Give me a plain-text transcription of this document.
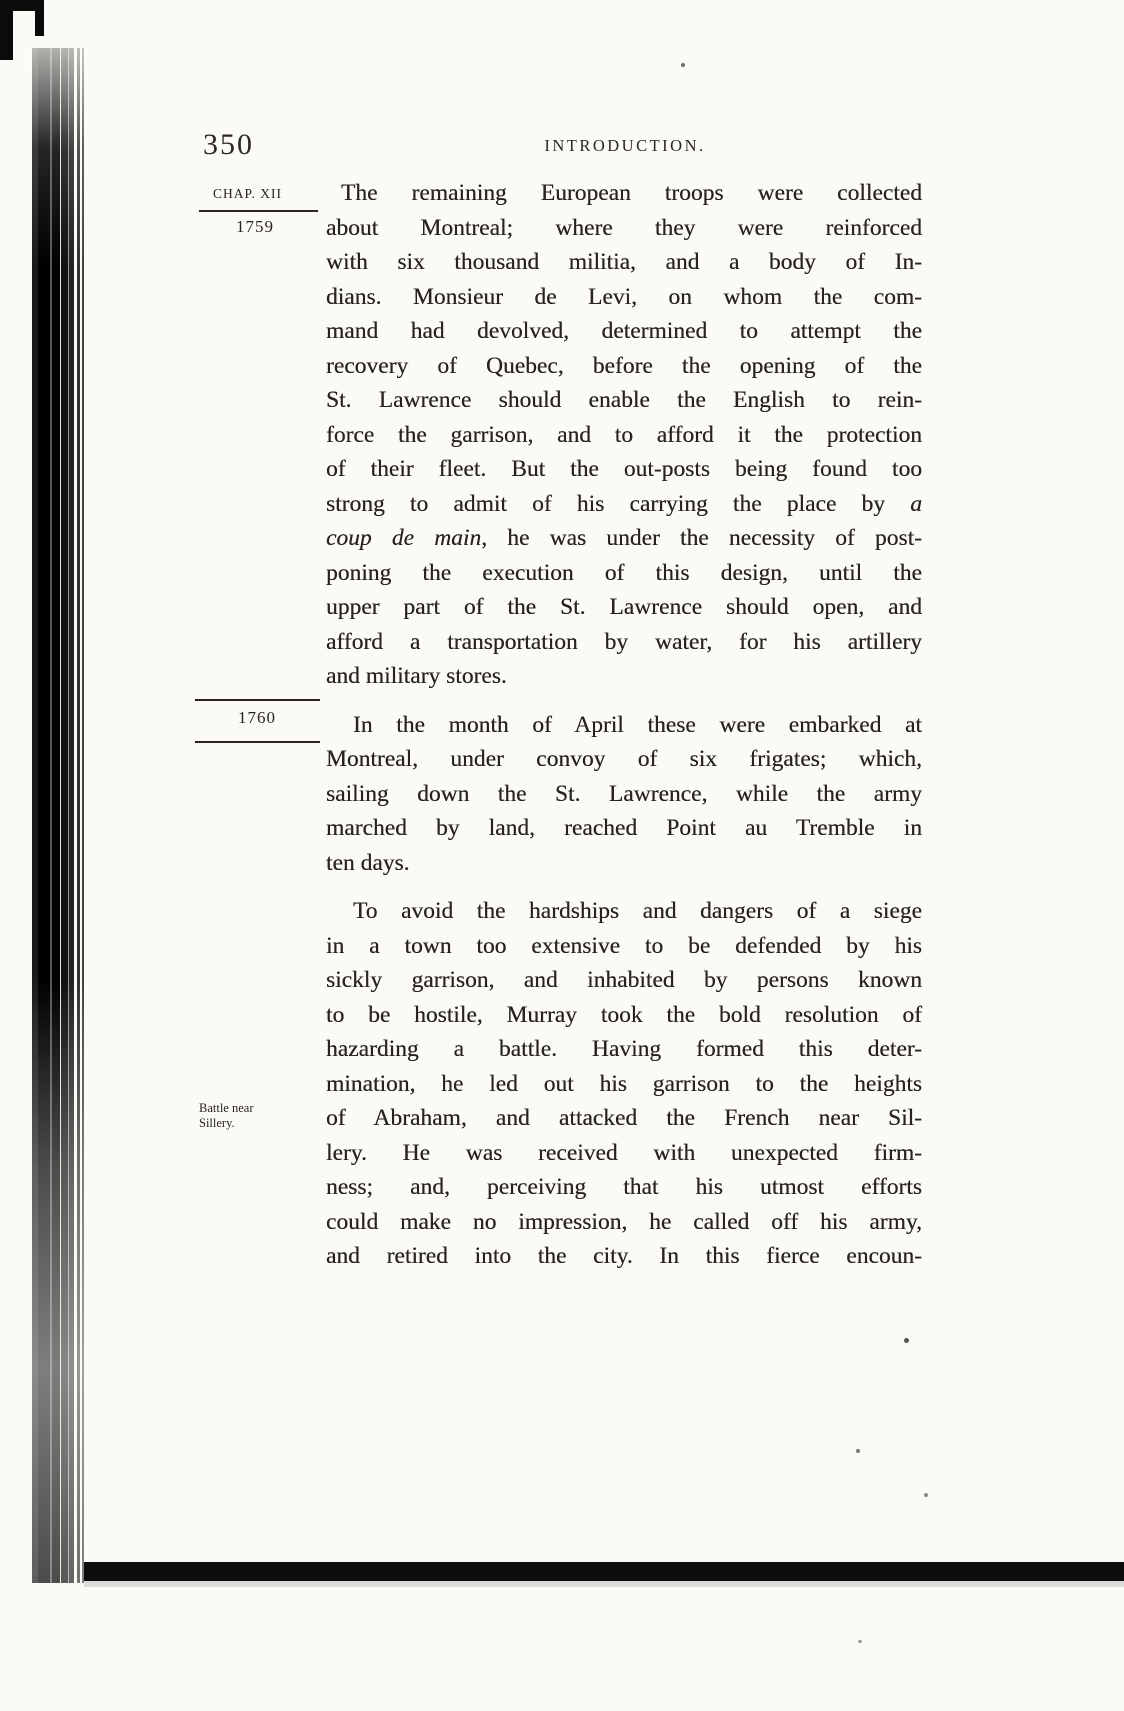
350	INTRODUCTION.
CHAP. XII
1759
1760
Battle near
Sillery.
The remaining European troops were collected
about Montreal; where they were reinforced
with six thousand militia, and a body of In-
dians. Monsieur de Levi, on whom the com-
mand had devolved, determined to attempt the
recovery of Quebec, before the opening of the
St. Lawrence should enable the English to rein-
force the garrison, and to afford it the protection
of their fleet. But the out-posts being found too
strong to admit of his carrying the place by a
coup de main, he was under the necessity of post-
poning the execution of this design, until the
upper part of the St. Lawrence should open, and
afford a transportation by water, for his artillery
and military stores.
In the month of April these were embarked at
Montreal, under convoy of six frigates; which,
sailing down the St. Lawrence, while the army
marched by land, reached Point au Tremble in
ten days.
To avoid the hardships and dangers of a siege
in a town too extensive to be defended by his
sickly garrison, and inhabited by persons known
to be hostile, Murray took the bold resolution of
hazarding a battle. Having formed this deter-
mination, he led out his garrison to the heights
of Abraham, and attacked the French near Sil-
lery. He was received with unexpected firm-
ness; and, perceiving that his utmost efforts
could make no impression, he called off his army,
and retired into the city. In this fierce encoun-
